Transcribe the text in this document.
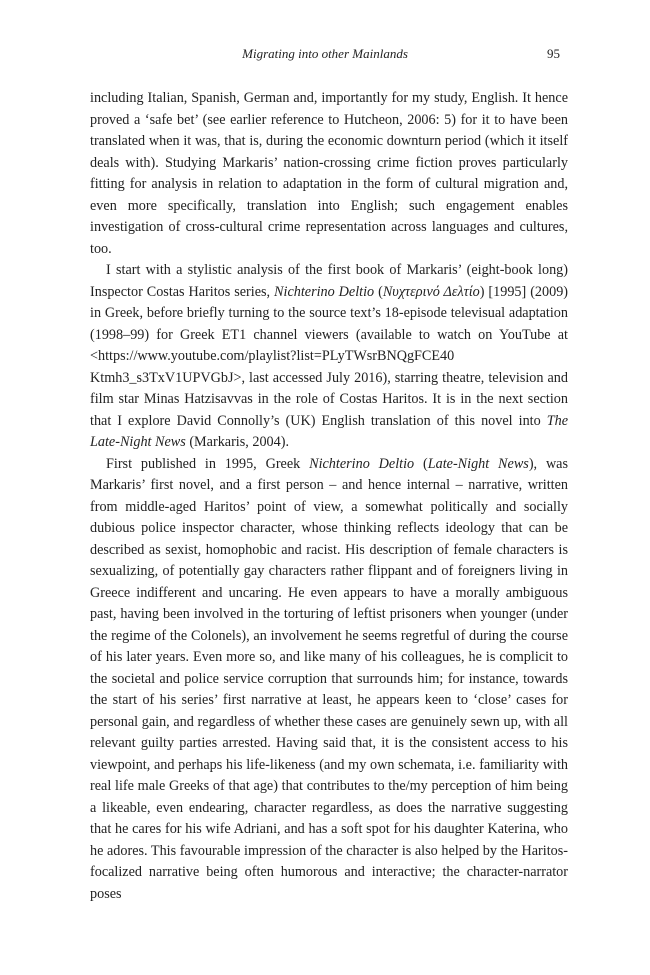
Migrating into other Mainlands	95

including Italian, Spanish, German and, importantly for my study, English. It hence proved a ‘safe bet’ (see earlier reference to Hutcheon, 2006: 5) for it to have been translated when it was, that is, during the economic downturn period (which it itself deals with). Studying Markaris’ nation-crossing crime fiction proves particularly fitting for analysis in relation to adaptation in the form of cultural migration and, even more specifically, translation into English; such engagement enables investigation of cross-cultural crime representation across languages and cultures, too.

I start with a stylistic analysis of the first book of Markaris’ (eight-book long) Inspector Costas Haritos series, Nichterino Deltio (Νυχτερινό Δελτίο) [1995] (2009) in Greek, before briefly turning to the source text’s 18-episode televisual adaptation (1998–99) for Greek ET1 channel viewers (available to watch on YouTube at <https://www.youtube.com/playlist?list=PLyTWsrBNQgFCE40 Ktmh3_s3TxV1UPVGbJ>, last accessed July 2016), starring theatre, television and film star Minas Hatzisavvas in the role of Costas Haritos. It is in the next section that I explore David Connolly’s (UK) English translation of this novel into The Late-Night News (Markaris, 2004).

First published in 1995, Greek Nichterino Deltio (Late-Night News), was Markaris’ first novel, and a first person – and hence internal – narrative, written from middle-aged Haritos’ point of view, a somewhat politically and socially dubious police inspector character, whose thinking reflects ideology that can be described as sexist, homophobic and racist. His description of female characters is sexualizing, of potentially gay characters rather flippant and of foreigners living in Greece indifferent and uncaring. He even appears to have a morally ambiguous past, having been involved in the torturing of leftist prisoners when younger (under the regime of the Colonels), an involvement he seems regretful of during the course of his later years. Even more so, and like many of his colleagues, he is complicit to the societal and police service corruption that surrounds him; for instance, towards the start of his series’ first narrative at least, he appears keen to ‘close’ cases for personal gain, and regardless of whether these cases are genuinely sewn up, with all relevant guilty parties arrested. Having said that, it is the consistent access to his viewpoint, and perhaps his life-likeness (and my own schemata, i.e. familiarity with real life male Greeks of that age) that contributes to the/my perception of him being a likeable, even endearing, character regardless, as does the narrative suggesting that he cares for his wife Adriani, and has a soft spot for his daughter Katerina, who he adores. This favourable impression of the character is also helped by the Haritos-focalized narrative being often humorous and interactive; the character-narrator poses
